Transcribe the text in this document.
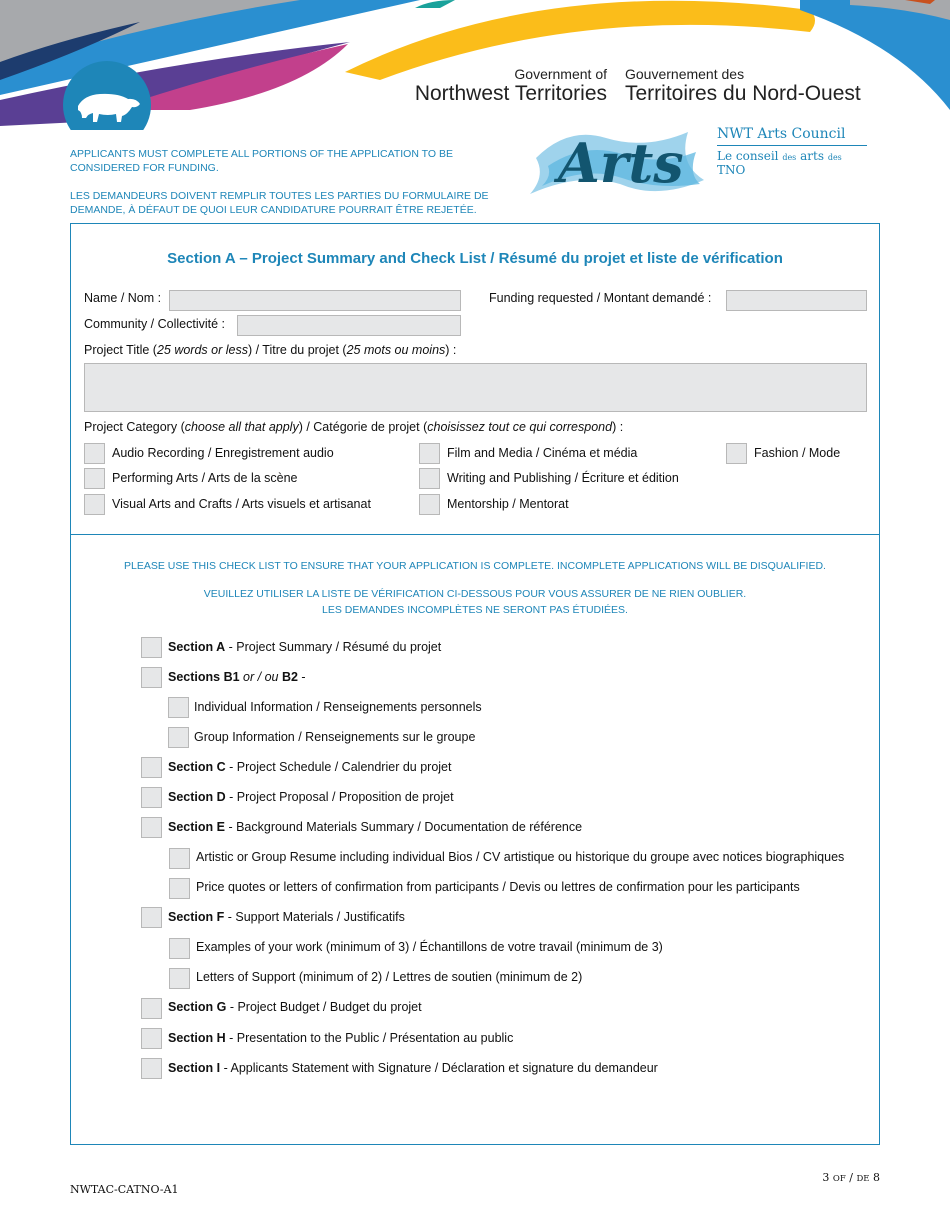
Government of
Northwest Territories
Gouvernement des
Territoires du Nord-Ouest
Arts NWT Arts Council
Le conseil des arts des TNO
APPLICANTS MUST COMPLETE ALL PORTIONS OF THE APPLICATION TO BE CONSIDERED FOR FUNDING.
LES DEMANDEURS DOIVENT REMPLIR TOUTES LES PARTIES DU FORMULAIRE DE DEMANDE, À DÉFAUT DE QUOI LEUR CANDIDATURE POURRAIT ÊTRE REJETÉE.
Section A – Project Summary and Check List / Résumé du projet et liste de vérification
Name / Nom :	Funding requested / Montant demandé :
Community / Collectivité :
Project Title (25 words or less) / Titre du projet (25 mots ou moins) :
Project Category (choose all that apply) / Catégorie de projet (choisissez tout ce qui correspond) :
Audio Recording / Enregistrement audio	Film and Media / Cinéma et média	Fashion / Mode
Performing Arts / Arts de la scène	Writing and Publishing / Écriture et édition
Visual Arts and Crafts / Arts visuels et artisanat	Mentorship / Mentorat
PLEASE USE THIS CHECK LIST TO ENSURE THAT YOUR APPLICATION IS COMPLETE. INCOMPLETE APPLICATIONS WILL BE DISQUALIFIED.
VEUILLEZ UTILISER LA LISTE DE VÉRIFICATION CI-DESSOUS POUR VOUS ASSURER DE NE RIEN OUBLIER.
LES DEMANDES INCOMPLÈTES NE SERONT PAS ÉTUDIÉES.
Section A - Project Summary / Résumé du projet
Sections B1 or / ou B2 -
Individual Information / Renseignements personnels
Group Information / Renseignements sur le groupe
Section C - Project Schedule / Calendrier du projet
Section D - Project Proposal / Proposition de projet
Section E - Background Materials Summary / Documentation de référence
Artistic or Group Resume including individual Bios / CV artistique ou historique du groupe avec notices biographiques
Price quotes or letters of confirmation from participants / Devis ou lettres de confirmation pour les participants
Section F - Support Materials / Justificatifs
Examples of your work (minimum of 3) / Échantillons de votre travail (minimum de 3)
Letters of Support (minimum of 2) / Lettres de soutien (minimum de 2)
Section G - Project Budget / Budget du projet
Section H - Presentation to the Public / Présentation au public
Section I - Applicants Statement with Signature / Déclaration et signature du demandeur
NWTAC-CATNO-A1
3 OF / DE 8
